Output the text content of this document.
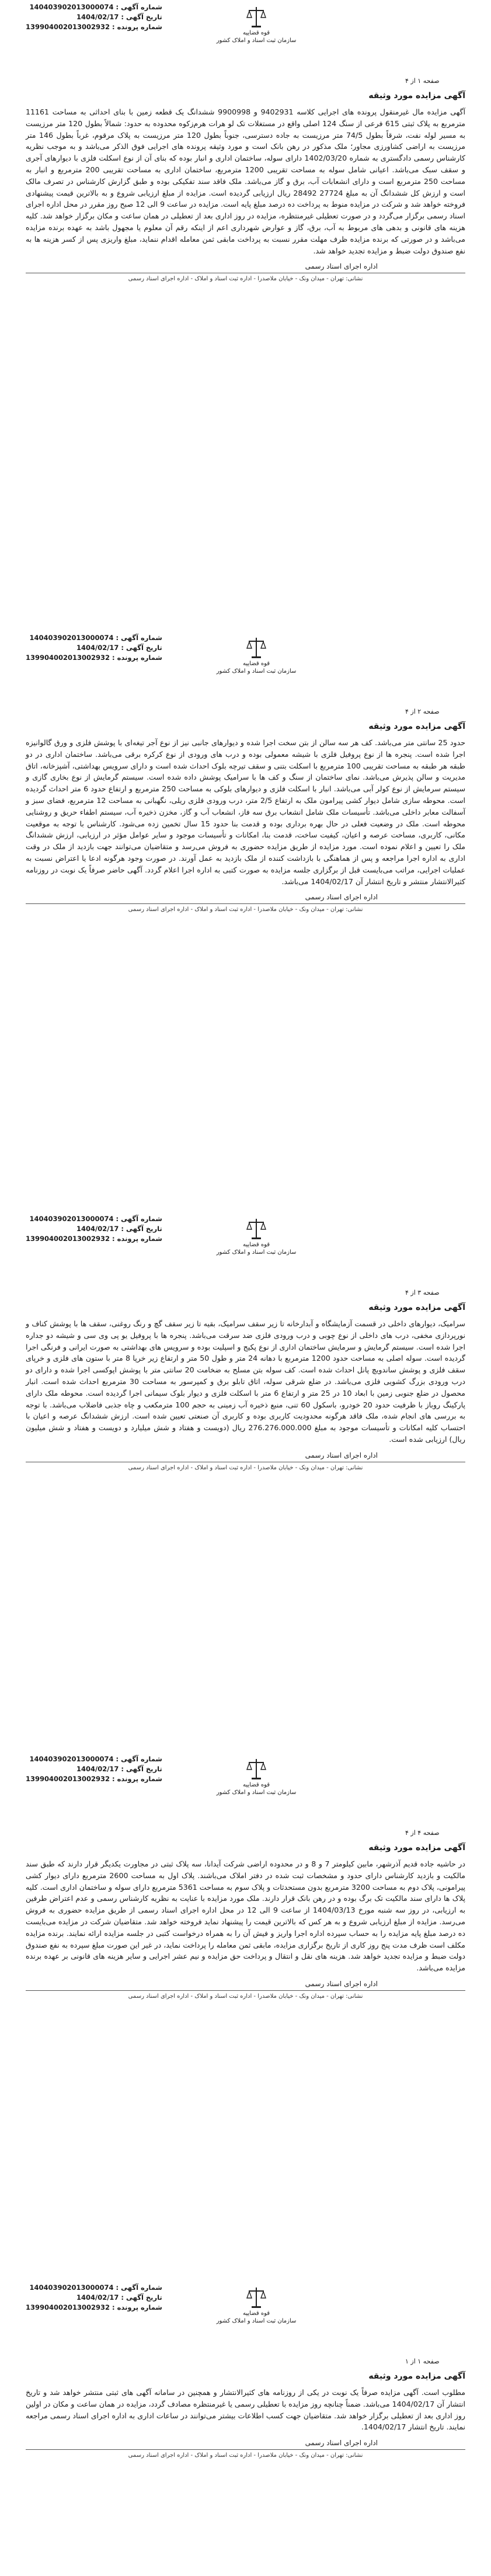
شماره آگهی : 140403902013000074
تاریخ آگهی : 1404/02/17
شماره پرونده : 139904002013002932
قوه قضاییه
سازمان ثبت اسناد و املاک کشور
صفحه ۱ از ۴
آگهی مزایده مورد وثیقه

آگهی مزایده مال غیرمنقول پرونده های اجرایی کلاسه 9402931 و 9900998 ششدانگ یک قطعه زمین با بنای احداثی به مساحت 11161 مترمربع به پلاک ثبتی 615 فرعی از سنگ 124 اصلی واقع در مستغلات تک لو هرات هرم‌زکوه محدوده به حدود: شمالاً بطول 120 متر مرزیست به مسیر لوله نفت، شرقاً بطول 74/5 متر مرزیست به جاده دسترسی، جنوباً بطول 120 متر مرزیست به پلاک مرقوم، غرباً بطول 146 متر مرزیست به اراضی کشاورزی مجاور؛ ملک مذکور در رهن بانک است و مورد وثیقه پرونده های اجرایی فوق الذکر می‌باشد و به موجب نظریه کارشناس رسمی دادگستری به شماره 1402/03/20 دارای سوله، ساختمان اداری و انبار بوده که بنای آن از نوع اسکلت فلزی با دیوارهای آجری و سقف سبک می‌باشد. اعیانی شامل سوله به مساحت تقریبی 1200 مترمربع، ساختمان اداری به مساحت تقریبی 200 مترمربع و انبار به مساحت 250 مترمربع است و دارای انشعابات آب، برق و گاز می‌باشد. ملک فاقد سند تفکیکی بوده و طبق گزارش کارشناس در تصرف مالک است و ارزش کل ششدانگ آن به مبلغ 27724 28492 ریال ارزیابی گردیده است. مزایده از مبلغ ارزیابی شروع و به بالاترین قیمت پیشنهادی فروخته خواهد شد و شرکت در مزایده منوط به پرداخت ده درصد مبلغ پایه است. مزایده در ساعت 9 الی 12 صبح روز مقرر در محل اداره اجرای اسناد رسمی برگزار می‌گردد و در صورت تعطیلی غیرمنتظره، مزایده در روز اداری بعد از تعطیلی در همان ساعت و مکان برگزار خواهد شد. کلیه هزینه های قانونی و بدهی های مربوط به آب، برق، گاز و عوارض شهرداری اعم از اینکه رقم آن معلوم یا مجهول باشد به عهده برنده مزایده می‌باشد و در صورتی که برنده مزایده ظرف مهلت مقرر نسبت به پرداخت مابقی ثمن معامله اقدام ننماید، مبلغ واریزی پس از کسر هزینه ها به نفع صندوق دولت ضبط و مزایده تجدید خواهد شد.

اداره اجرای اسناد رسمی
نشانی: تهران - میدان ونک - خیابان ملاصدرا - اداره ثبت اسناد و املاک - اداره اجرای اسناد رسمی
شماره آگهی : 140403902013000074
تاریخ آگهی : 1404/02/17
شماره پرونده : 139904002013002932
قوه قضاییه
سازمان ثبت اسناد و املاک کشور
صفحه ۲ از ۴
آگهی مزایده مورد وثیقه

حدود 25 سانتی متر می‌باشد. کف هر سه سالن از بتن سخت اجرا شده و دیوارهای جانبی نیز از نوع آجر تیغه‌ای با پوشش فلزی و ورق گالوانیزه اجرا شده است. پنجره ها از نوع پروفیل فلزی با شیشه معمولی بوده و درب های ورودی از نوع کرکره برقی می‌باشد. ساختمان اداری در دو طبقه هر طبقه به مساحت تقریبی 100 مترمربع با اسکلت بتنی و سقف تیرچه بلوک احداث شده است و دارای سرویس بهداشتی، آشپزخانه، اتاق مدیریت و سالن پذیرش می‌باشد. نمای ساختمان از سنگ و کف ها با سرامیک پوشش داده شده است. سیستم گرمایش از نوع بخاری گازی و سیستم سرمایش از نوع کولر آبی می‌باشد. انبار با اسکلت فلزی و دیوارهای بلوکی به مساحت 250 مترمربع و ارتفاع حدود 6 متر احداث گردیده است. محوطه سازی شامل دیوار کشی پیرامون ملک به ارتفاع 2/5 متر، درب ورودی فلزی ریلی، نگهبانی به مساحت 12 مترمربع، فضای سبز و آسفالت معابر داخلی می‌باشد. تأسیسات ملک شامل انشعاب برق سه فاز، انشعاب آب و گاز، مخزن ذخیره آب، سیستم اطفاء حریق و روشنایی محوطه است. ملک در وضعیت فعلی در حال بهره برداری بوده و قدمت بنا حدود 15 سال تخمین زده می‌شود. کارشناس با توجه به موقعیت مکانی، کاربری، مساحت عرصه و اعیان، کیفیت ساخت، قدمت بنا، امکانات و تأسیسات موجود و سایر عوامل مؤثر در ارزیابی، ارزش ششدانگ ملک را تعیین و اعلام نموده است. مورد مزایده از طریق مزایده حضوری به فروش می‌رسد و متقاضیان می‌توانند جهت بازدید از ملک در وقت اداری به اداره اجرا مراجعه و پس از هماهنگی با بازداشت کننده از ملک بازدید به عمل آورند. در صورت وجود هرگونه ادعا یا اعتراض نسبت به عملیات اجرایی، مراتب می‌بایست قبل از برگزاری جلسه مزایده به صورت کتبی به اداره اجرا اعلام گردد. آگهی حاضر صرفاً یک نوبت در روزنامه کثیرالانتشار منتشر و تاریخ انتشار آن 1404/02/17 می‌باشد.

اداره اجرای اسناد رسمی
نشانی: تهران - میدان ونک - خیابان ملاصدرا - اداره ثبت اسناد و املاک - اداره اجرای اسناد رسمی
شماره آگهی : 140403902013000074
تاریخ آگهی : 1404/02/17
شماره پرونده : 139904002013002932
قوه قضاییه
سازمان ثبت اسناد و املاک کشور
صفحه ۳ از ۴
آگهی مزایده مورد وثیقه

سرامیک، دیوارهای داخلی در قسمت آزمایشگاه و آبدارخانه تا زیر سقف سرامیک، بقیه تا زیر سقف گچ و رنگ روغنی، سقف ها با پوشش کناف و نورپردازی مخفی، درب های داخلی از نوع چوبی و درب ورودی فلزی ضد سرقت می‌باشد. پنجره ها با پروفیل یو پی وی سی و شیشه دو جداره اجرا شده است. سیستم گرمایش و سرمایش ساختمان اداری از نوع پکیج و اسپلیت بوده و سرویس های بهداشتی به صورت ایرانی و فرنگی اجرا گردیده است. سوله اصلی به مساحت حدود 1200 مترمربع با دهانه 24 متر و طول 50 متر و ارتفاع زیر خرپا 8 متر با ستون های فلزی و خرپای سقف فلزی و پوشش ساندویچ پانل احداث شده است. کف سوله بتن مسلح به ضخامت 20 سانتی متر با پوشش اپوکسی اجرا شده و دارای دو درب ورودی بزرگ کشویی فلزی می‌باشد. در ضلع شرقی سوله، اتاق تابلو برق و کمپرسور به مساحت 30 مترمربع احداث شده است. انبار محصول در ضلع جنوبی زمین با ابعاد 10 در 25 متر و ارتفاع 6 متر با اسکلت فلزی و دیوار بلوک سیمانی اجرا گردیده است. محوطه ملک دارای پارکینگ روباز با ظرفیت حدود 20 خودرو، باسکول 60 تنی، منبع ذخیره آب زمینی به حجم 100 مترمکعب و چاه جذبی فاضلاب می‌باشد. با توجه به بررسی های انجام شده، ملک فاقد هرگونه محدودیت کاربری بوده و کاربری آن صنعتی تعیین شده است. ارزش ششدانگ عرصه و اعیان با احتساب کلیه امکانات و تأسیسات موجود به مبلغ 276.276.000.000 ریال (دویست و هفتاد و شش میلیارد و دویست و هفتاد و شش میلیون ریال) ارزیابی شده است.

اداره اجرای اسناد رسمی
نشانی: تهران - میدان ونک - خیابان ملاصدرا - اداره ثبت اسناد و املاک - اداره اجرای اسناد رسمی
شماره آگهی : 140403902013000074
تاریخ آگهی : 1404/02/17
شماره پرونده : 139904002013002932
قوه قضاییه
سازمان ثبت اسناد و املاک کشور
صفحه ۴ از ۴
آگهی مزایده مورد وثیقه

در حاشیه جاده قدیم آذرشهر، مابین کیلومتر 7 و 8 و در محدوده اراضی شرکت آیدانا، سه پلاک ثبتی در مجاورت یکدیگر قرار دارند که طبق سند مالکیت و بازدید کارشناس دارای حدود و مشخصات ثبت شده در دفتر املاک می‌باشند. پلاک اول به مساحت 2600 مترمربع دارای دیوار کشی پیرامونی، پلاک دوم به مساحت 3200 مترمربع بدون مستحدثات و پلاک سوم به مساحت 5361 مترمربع دارای سوله و ساختمان اداری است. کلیه پلاک ها دارای سند مالکیت تک برگ بوده و در رهن بانک قرار دارند. ملک مورد مزایده با عنایت به نظریه کارشناس رسمی و عدم اعتراض طرفین به ارزیابی، در روز سه شنبه مورخ 1404/03/13 از ساعت 9 الی 12 در محل اداره اجرای اسناد رسمی از طریق مزایده حضوری به فروش می‌رسد. مزایده از مبلغ ارزیابی شروع و به هر کس که بالاترین قیمت را پیشنهاد نماید فروخته خواهد شد. متقاضیان شرکت در مزایده می‌بایست ده درصد مبلغ پایه مزایده را به حساب سپرده اداره اجرا واریز و فیش آن را به همراه درخواست کتبی در جلسه مزایده ارائه نمایند. برنده مزایده مکلف است ظرف مدت پنج روز کاری از تاریخ برگزاری مزایده، مابقی ثمن معامله را پرداخت نماید، در غیر این صورت مبلغ سپرده به نفع صندوق دولت ضبط و مزایده تجدید خواهد شد. هزینه های نقل و انتقال و پرداخت حق مزایده و نیم عشر اجرایی و سایر هزینه های قانونی بر عهده برنده مزایده می‌باشد.

اداره اجرای اسناد رسمی
نشانی: تهران - میدان ونک - خیابان ملاصدرا - اداره ثبت اسناد و املاک - اداره اجرای اسناد رسمی
شماره آگهی : 140403902013000074
تاریخ آگهی : 1404/02/17
شماره پرونده : 139904002013002932
قوه قضاییه
سازمان ثبت اسناد و املاک کشور
صفحه ۱ از ۱
آگهی مزایده مورد وثیقه

مطلوب است. آگهی مزایده صرفاً یک نوبت در یکی از روزنامه های کثیرالانتشار و همچنین در سامانه آگهی های ثبتی منتشر خواهد شد و تاریخ انتشار آن 1404/02/17 می‌باشد. ضمناً چنانچه روز مزایده با تعطیلی رسمی یا غیرمنتظره مصادف گردد، مزایده در همان ساعت و مکان در اولین روز اداری بعد از تعطیلی برگزار خواهد شد. متقاضیان جهت کسب اطلاعات بیشتر می‌توانند در ساعات اداری به اداره اجرای اسناد رسمی مراجعه نمایند. تاریخ انتشار 1404/02/17.

اداره اجرای اسناد رسمی
نشانی: تهران - میدان ونک - خیابان ملاصدرا - اداره ثبت اسناد و املاک - اداره اجرای اسناد رسمی
